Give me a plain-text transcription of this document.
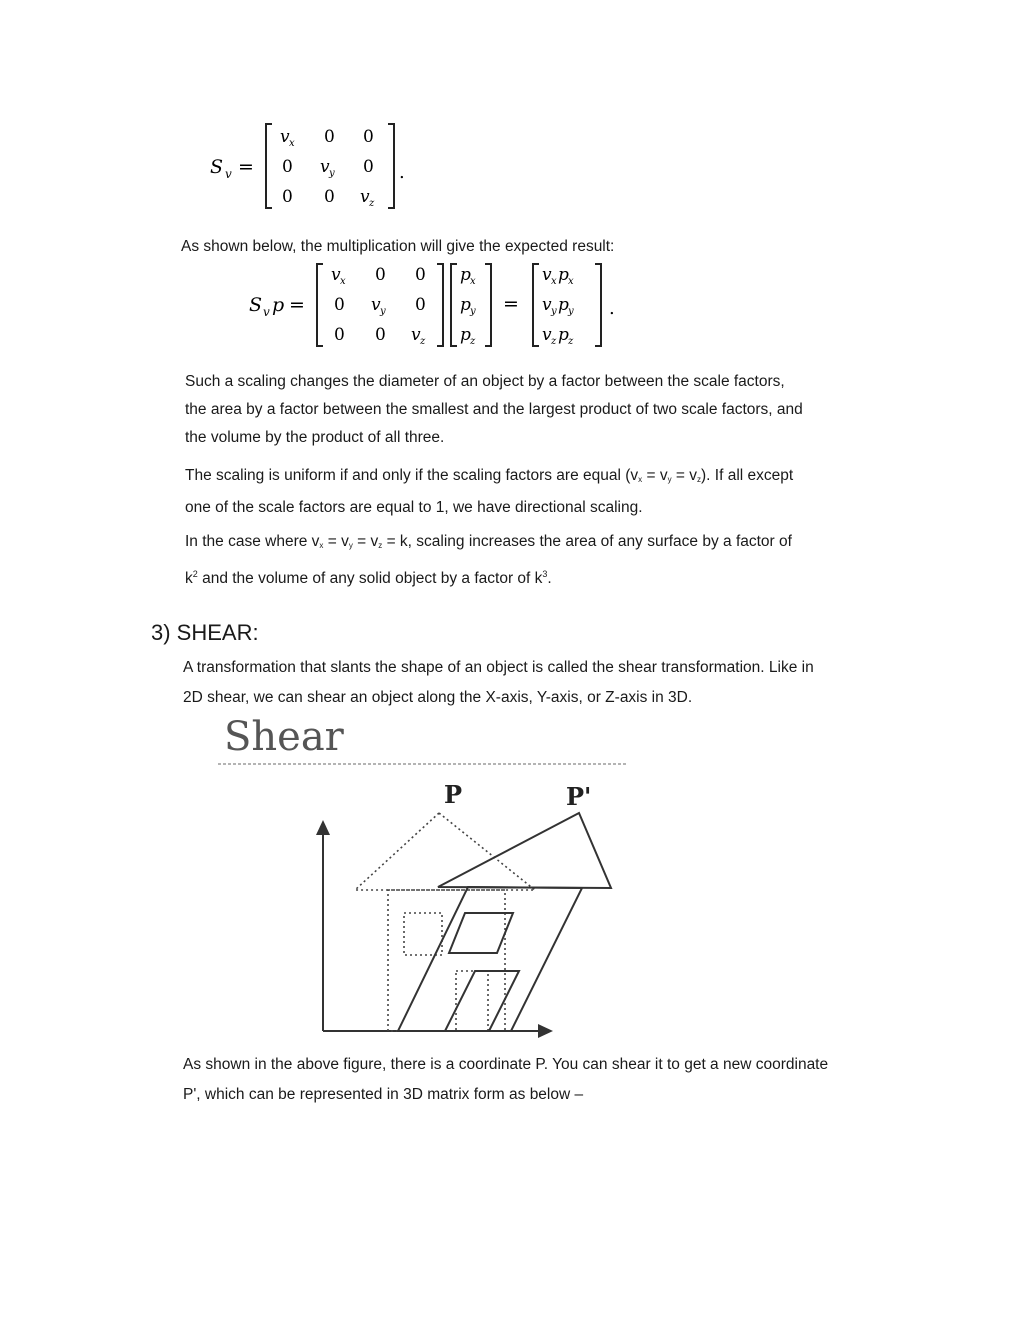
S v =
v x 0 0
0 v y 0
0 0 v z
.

As shown below, the multiplication will give the expected result:

S v p =
v x 0 0
0 v y 0
0 0 v z
p x
p y
p z
=
v x p x
v y p y
v z p z
.

Such a scaling changes the diameter of an object by a factor between the scale factors,

the area by a factor between the smallest and the largest product of two scale factors, and

the volume by the product of all three.

The scaling is uniform if and only if the scaling factors are equal $(v_x = v_y = v_z)$. If all except

one of the scale factors are equal to 1, we have directional scaling.

In the case where $v_x = v_y = v_z = k$, scaling increases the area of any surface by a factor of

$k^2$ and the volume of any solid object by a factor of $k^3$.

3) SHEAR:

A transformation that slants the shape of an object is called the shear transformation. Like in

2D shear, we can shear an object along the X-axis, Y-axis, or Z-axis in 3D.

Shear
P	P'

As shown in the above figure, there is a coordinate P. You can shear it to get a new coordinate

P', which can be represented in 3D matrix form as below –
